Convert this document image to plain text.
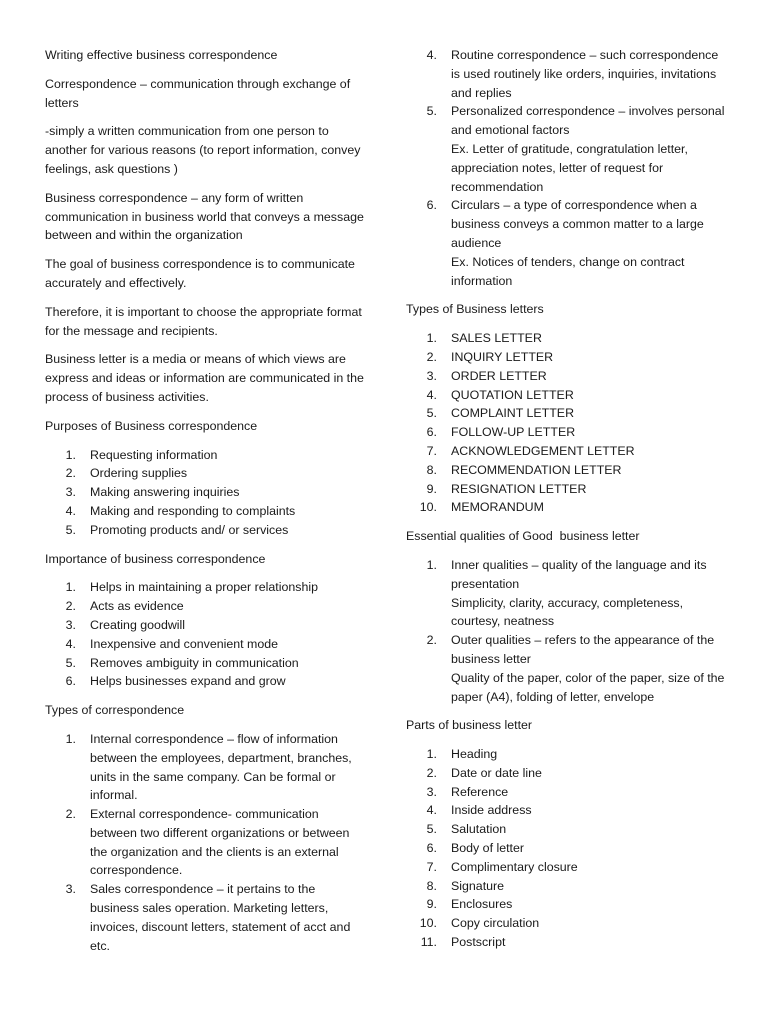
Writing effective business correspondence

Correspondence – communication through exchange of letters

-simply a written communication from one person to another for various reasons (to report information, convey feelings, ask questions )

Business correspondence – any form of written communication in business world that conveys a message between and within the organization

The goal of business correspondence is to communicate accurately and effectively.

Therefore, it is important to choose the appropriate format for the message and recipients.

Business letter is a media or means of which views are express and ideas or information are communicated in the process of business activities.

Purposes of Business correspondence

1. Requesting information
2. Ordering supplies
3. Making answering inquiries
4. Making and responding to complaints
5. Promoting products and/ or services

Importance of business correspondence

1. Helps in maintaining a proper relationship
2. Acts as evidence
3. Creating goodwill
4. Inexpensive and convenient mode
5. Removes ambiguity in communication
6. Helps businesses expand and grow

Types of correspondence

1. Internal correspondence – flow of information between the employees, department, branches, units in the same company. Can be formal or informal.
2. External correspondence- communication between two different organizations or between the organization and the clients is an external correspondence.
3. Sales correspondence – it pertains to the business sales operation. Marketing letters, invoices, discount letters, statement of acct and etc.
4. Routine correspondence – such correspondence is used routinely like orders, inquiries, invitations and replies
5. Personalized correspondence – involves personal and emotional factors
Ex. Letter of gratitude, congratulation letter, appreciation notes, letter of request for recommendation
6. Circulars – a type of correspondence when a business conveys a common matter to a large audience
Ex. Notices of tenders, change on contract information

Types of Business letters

1. SALES LETTER
2. INQUIRY LETTER
3. ORDER LETTER
4. QUOTATION LETTER
5. COMPLAINT LETTER
6. FOLLOW-UP LETTER
7. ACKNOWLEDGEMENT LETTER
8. RECOMMENDATION LETTER
9. RESIGNATION LETTER
10. MEMORANDUM

Essential qualities of Good  business letter

1. Inner qualities – quality of the language and its presentation
Simplicity, clarity, accuracy, completeness, courtesy, neatness
2. Outer qualities – refers to the appearance of the business letter
Quality of the paper, color of the paper, size of the paper (A4), folding of letter, envelope

Parts of business letter

1. Heading
2. Date or date line
3. Reference
4. Inside address
5. Salutation
6. Body of letter
7. Complimentary closure
8. Signature
9. Enclosures
10. Copy circulation
11. Postscript
